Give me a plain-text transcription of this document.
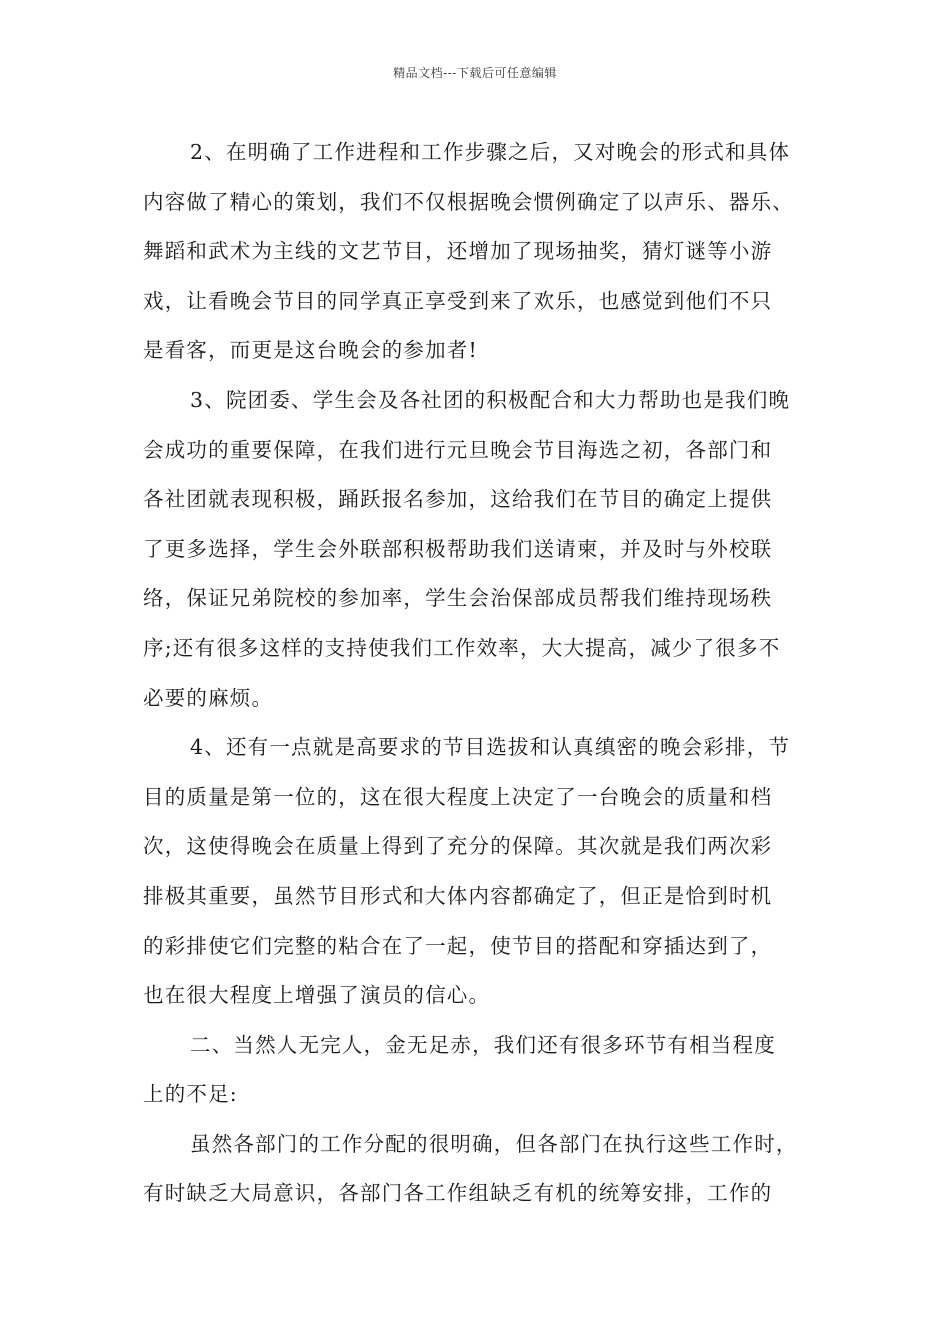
精品文档---下载后可任意编辑
2、在明确了工作进程和工作步骤之后，又对晚会的形式和具体
内容做了精心的策划，我们不仅根据晚会惯例确定了以声乐、器乐、
舞蹈和武术为主线的文艺节目，还增加了现场抽奖，猜灯谜等小游
戏，让看晚会节目的同学真正享受到来了欢乐，也感觉到他们不只
是看客，而更是这台晚会的参加者!
3、院团委、学生会及各社团的积极配合和大力帮助也是我们晚
会成功的重要保障，在我们进行元旦晚会节目海选之初，各部门和
各社团就表现积极，踊跃报名参加，这给我们在节目的确定上提供
了更多选择，学生会外联部积极帮助我们送请柬，并及时与外校联
络，保证兄弟院校的参加率，学生会治保部成员帮我们维持现场秩
序;还有很多这样的支持使我们工作效率，大大提高，减少了很多不
必要的麻烦。
4、还有一点就是高要求的节目选拔和认真缜密的晚会彩排，节
目的质量是第一位的，这在很大程度上决定了一台晚会的质量和档
次，这使得晚会在质量上得到了充分的保障。其次就是我们两次彩
排极其重要，虽然节目形式和大体内容都确定了，但正是恰到时机
的彩排使它们完整的粘合在了一起，使节目的搭配和穿插达到了，
也在很大程度上增强了演员的信心。
二、当然人无完人，金无足赤，我们还有很多环节有相当程度
上的不足:
虽然各部门的工作分配的很明确，但各部门在执行这些工作时，
有时缺乏大局意识，各部门各工作组缺乏有机的统筹安排，工作的
